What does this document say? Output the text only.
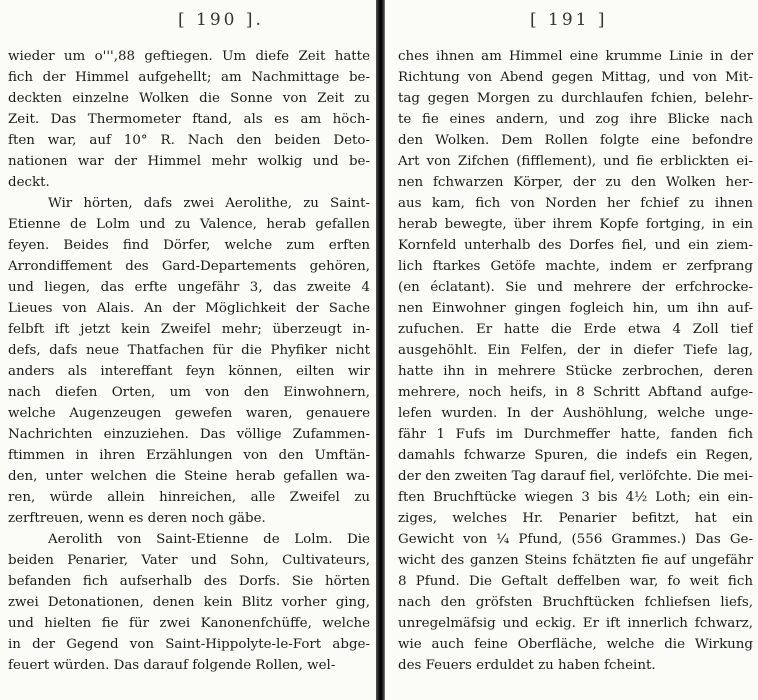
[ 190 ].
wieder um o''',88 geftiegen. Um diefe Zeit hatte
fich der Himmel aufgehellt; am Nachmittage be-
deckten einzelne Wolken die Sonne von Zeit zu
Zeit. Das Thermometer ftand, als es am höch-
ften war, auf 10° R. Nach den beiden Deto-
nationen war der Himmel mehr wolkig und be-
deckt.
Wir hörten, dafs zwei Aerolithe, zu Saint-
Etienne de Lolm und zu Valence, herab gefallen
feyen. Beides find Dörfer, welche zum erften
Arrondiffement des Gard-Departements gehören,
und liegen, das erfte ungefähr 3, das zweite 4
Lieues von Alais. An der Möglichkeit der Sache
felbft ift jetzt kein Zweifel mehr; überzeugt in-
defs, dafs neue Thatfachen für die Phyfiker nicht
anders als intereffant feyn können, eilten wir
nach diefen Orten, um von den Einwohnern,
welche Augenzeugen gewefen waren, genauere
Nachrichten einzuziehen. Das völlige Zufammen-
ftimmen in ihren Erzählungen von den Umftän-
den, unter welchen die Steine herab gefallen wa-
ren, würde allein hinreichen, alle Zweifel zu
zerftreuen, wenn es deren noch gäbe.
Aerolith von Saint-Etienne de Lolm. Die
beiden Penarier, Vater und Sohn, Cultivateurs,
befanden fich aufserhalb des Dorfs. Sie hörten
zwei Detonationen, denen kein Blitz vorher ging,
und hielten fie für zwei Kanonenfchüffe, welche
in der Gegend von Saint-Hippolyte-le-Fort abge-
feuert würden. Das darauf folgende Rollen, wel-
[ 191 ]
ches ihnen am Himmel eine krumme Linie in der
Richtung von Abend gegen Mittag, und von Mit-
tag gegen Morgen zu durchlaufen fchien, belehr-
te fie eines andern, und zog ihre Blicke nach
den Wolken. Dem Rollen folgte eine befondre
Art von Zifchen (fifflement), und fie erblickten ei-
nen fchwarzen Körper, der zu den Wolken her-
aus kam, fich von Norden her fchief zu ihnen
herab bewegte, über ihrem Kopfe fortging, in ein
Kornfeld unterhalb des Dorfes fiel, und ein ziem-
lich ftarkes Getöfe machte, indem er zerfprang
(en éclatant). Sie und mehrere der erfchrocke-
nen Einwohner gingen fogleich hin, um ihn auf-
zufuchen. Er hatte die Erde etwa 4 Zoll tief
ausgehöhlt. Ein Felfen, der in diefer Tiefe lag,
hatte ihn in mehrere Stücke zerbrochen, deren
mehrere, noch heifs, in 8 Schritt Abftand aufge-
lefen wurden. In der Aushöhlung, welche unge-
fähr 1 Fufs im Durchmeffer hatte, fanden fich
damahls fchwarze Spuren, die indefs ein Regen,
der den zweiten Tag darauf fiel, verlöfchte. Die mei-
ften Bruchftücke wiegen 3 bis 4½ Loth; ein ein-
ziges, welches Hr. Penarier befitzt, hat ein
Gewicht von ¼ Pfund, (556 Grammes.) Das Ge-
wicht des ganzen Steins fchätzten fie auf ungefähr
8 Pfund. Die Geftalt deffelben war, fo weit fich
nach den gröfsten Bruchftücken fchliefsen liefs,
unregelmäfsig und eckig. Er ift innerlich fchwarz,
wie auch feine Oberfläche, welche die Wirkung
des Feuers erduldet zu haben fcheint.
